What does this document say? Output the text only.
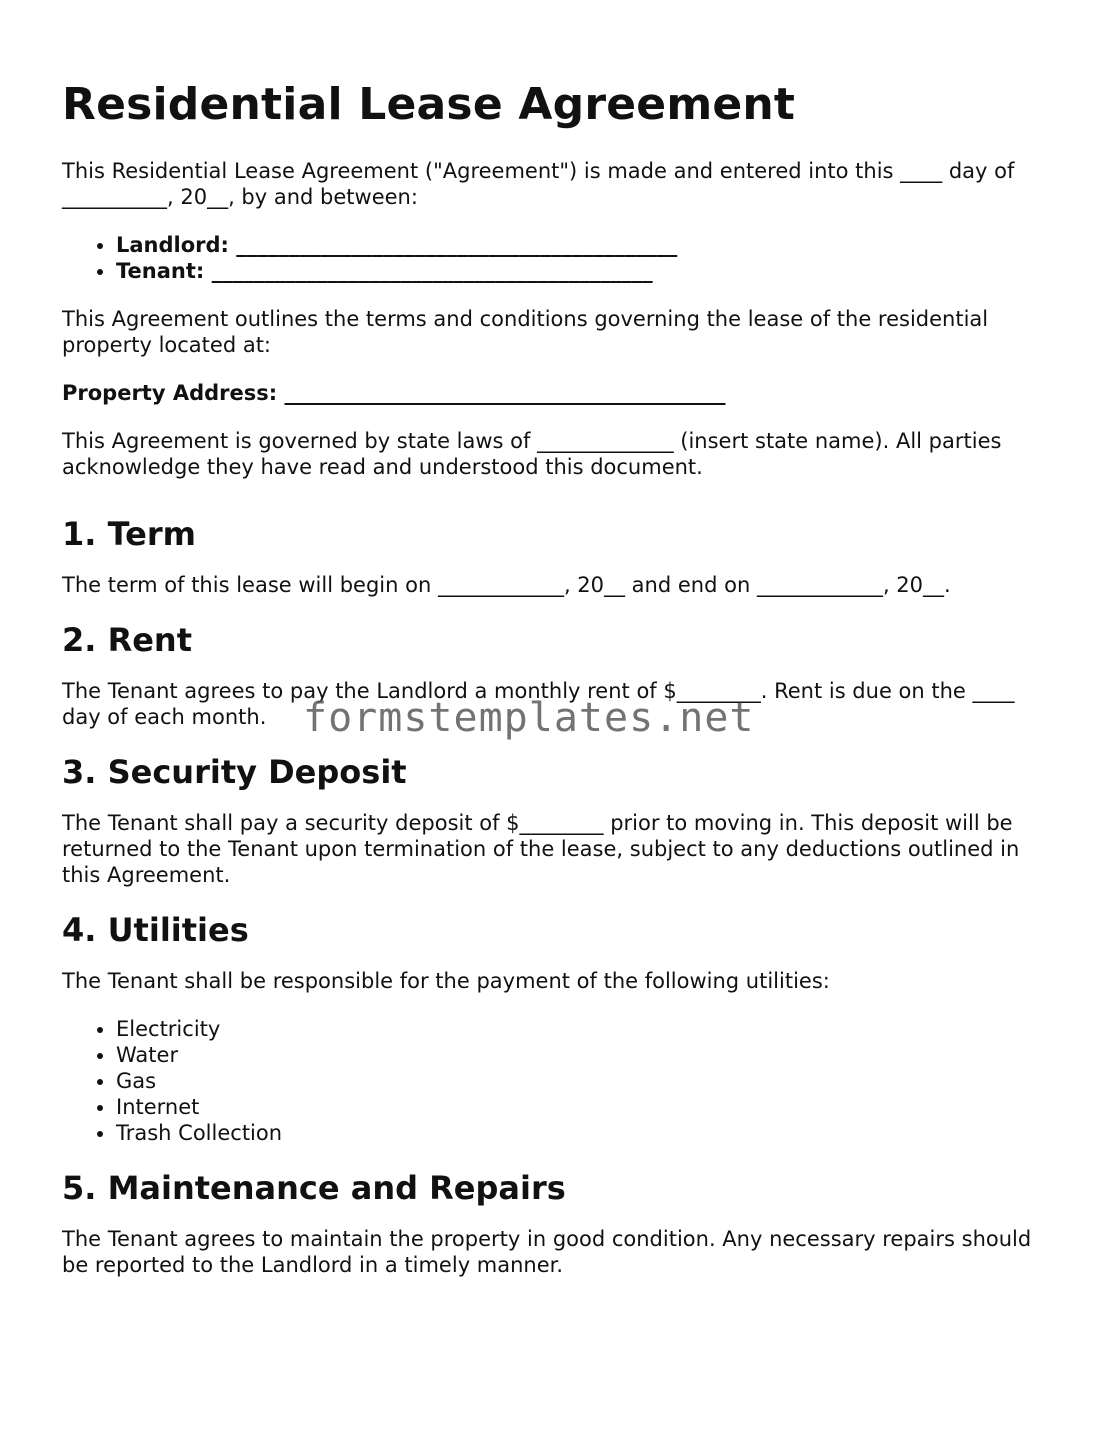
Residential Lease Agreement

This Residential Lease Agreement ("Agreement") is made and entered into this ____ day of __________, 20__, by and between:

• Landlord: __________________________________________
• Tenant: __________________________________________

This Agreement outlines the terms and conditions governing the lease of the residential property located at:

Property Address: __________________________________________

This Agreement is governed by state laws of _____________ (insert state name). All parties acknowledge they have read and understood this document.

1. Term

The term of this lease will begin on ____________, 20__ and end on ____________, 20__.

2. Rent

The Tenant agrees to pay the Landlord a monthly rent of $________. Rent is due on the ____ day of each month.

3. Security Deposit

The Tenant shall pay a security deposit of $________ prior to moving in. This deposit will be returned to the Tenant upon termination of the lease, subject to any deductions outlined in this Agreement.

4. Utilities

The Tenant shall be responsible for the payment of the following utilities:

• Electricity
• Water
• Gas
• Internet
• Trash Collection
5. Maintenance and Repairs

The Tenant agrees to maintain the property in good condition. Any necessary repairs should be reported to the Landlord in a timely manner.

formstemplates.net
